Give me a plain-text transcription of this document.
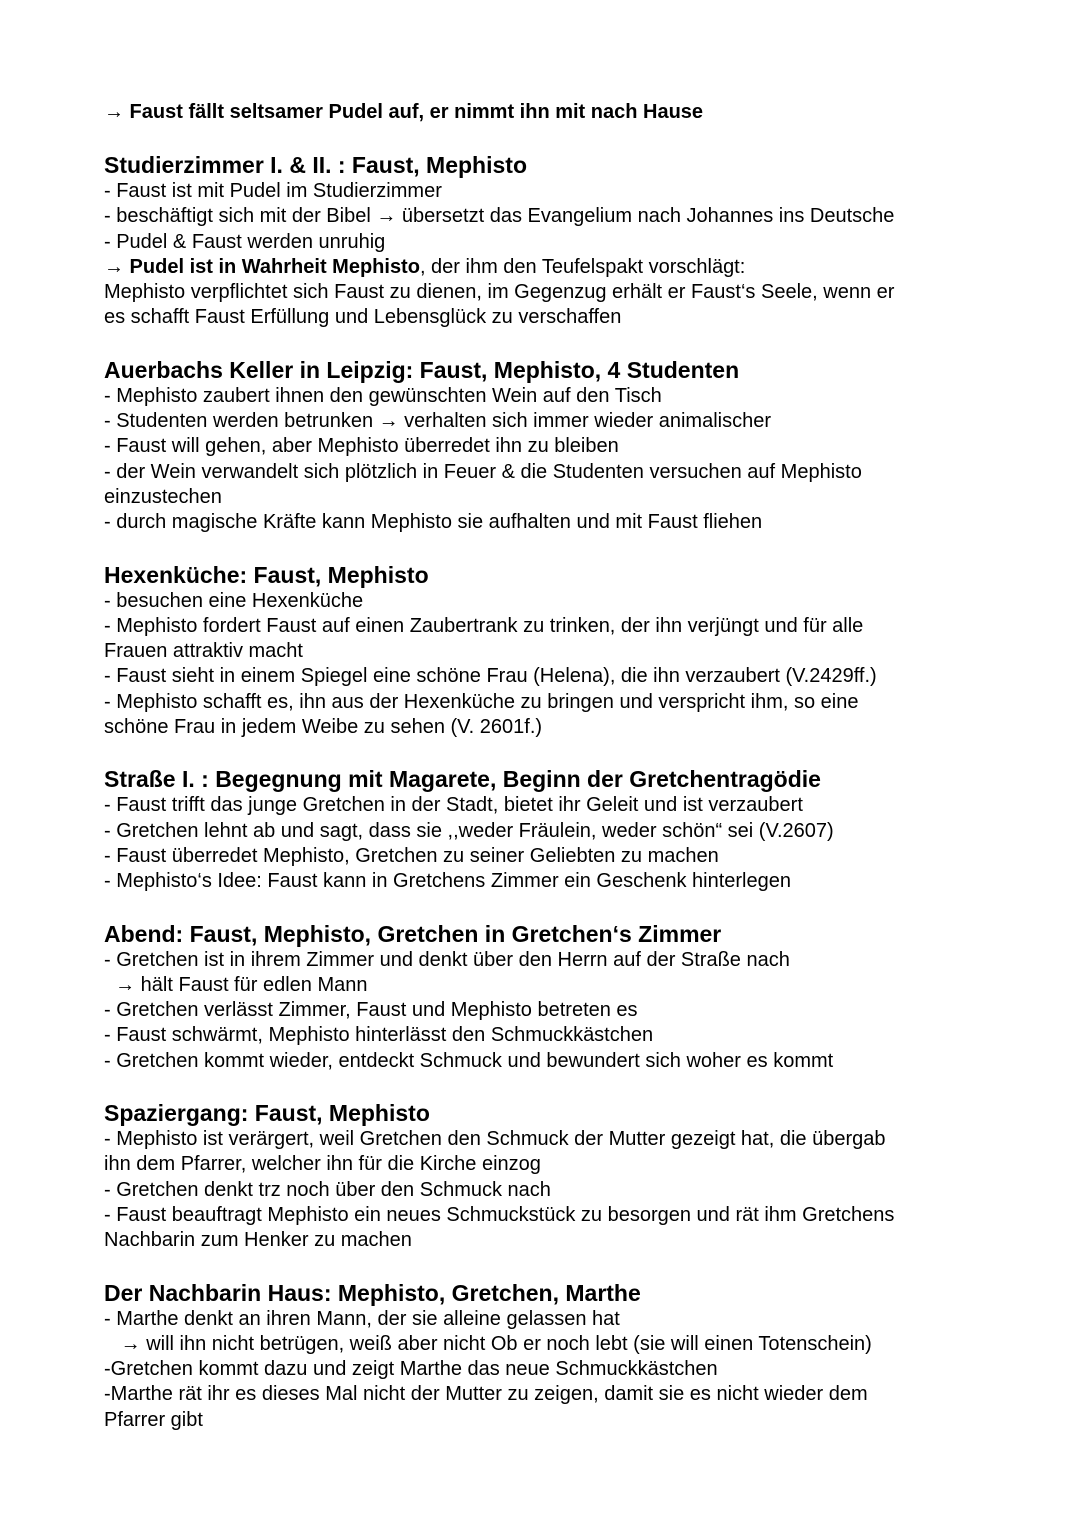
→ Faust fällt seltsamer Pudel auf, er nimmt ihn mit nach Hause

Studierzimmer I. & II. : Faust, Mephisto

- Faust ist mit Pudel im Studierzimmer

- beschäftigt sich mit der Bibel → übersetzt das Evangelium nach Johannes ins Deutsche

- Pudel & Faust werden unruhig

→ Pudel ist in Wahrheit Mephisto, der ihm den Teufelspakt vorschlägt:

Mephisto verpflichtet sich Faust zu dienen, im Gegenzug erhält er Faust‘s Seele, wenn er

es schafft Faust Erfüllung und Lebensglück zu verschaffen

Auerbachs Keller in Leipzig: Faust, Mephisto, 4 Studenten

- Mephisto zaubert ihnen den gewünschten Wein auf den Tisch

- Studenten werden betrunken → verhalten sich immer wieder animalischer

- Faust will gehen, aber Mephisto überredet ihn zu bleiben

- der Wein verwandelt sich plötzlich in Feuer & die Studenten versuchen auf Mephisto

einzustechen

- durch magische Kräfte kann Mephisto sie aufhalten und mit Faust fliehen

Hexenküche: Faust, Mephisto

- besuchen eine Hexenküche

- Mephisto fordert Faust auf einen Zaubertrank zu trinken, der ihn verjüngt und für alle

Frauen attraktiv macht

- Faust sieht in einem Spiegel eine schöne Frau (Helena), die ihn verzaubert (V.2429ff.)

- Mephisto schafft es, ihn aus der Hexenküche zu bringen und verspricht ihm, so eine

schöne Frau in jedem Weibe zu sehen (V. 2601f.)

Straße I. : Begegnung mit Magarete, Beginn der Gretchentragödie

- Faust trifft das junge Gretchen in der Stadt, bietet ihr Geleit und ist verzaubert

- Gretchen lehnt ab und sagt, dass sie ,,weder Fräulein, weder schön“ sei (V.2607)

- Faust überredet Mephisto, Gretchen zu seiner Geliebten zu machen

- Mephisto‘s Idee: Faust kann in Gretchens Zimmer ein Geschenk hinterlegen

Abend: Faust, Mephisto, Gretchen in Gretchen‘s Zimmer

- Gretchen ist in ihrem Zimmer und denkt über den Herrn auf der Straße nach

→ hält Faust für edlen Mann

- Gretchen verlässt Zimmer, Faust und Mephisto betreten es

- Faust schwärmt, Mephisto hinterlässt den Schmuckkästchen

- Gretchen kommt wieder, entdeckt Schmuck und bewundert sich woher es kommt

Spaziergang: Faust, Mephisto

- Mephisto ist verärgert, weil Gretchen den Schmuck der Mutter gezeigt hat, die übergab

ihn dem Pfarrer, welcher ihn für die Kirche einzog

- Gretchen denkt trz noch über den Schmuck nach

- Faust beauftragt Mephisto ein neues Schmuckstück zu besorgen und rät ihm Gretchens

Nachbarin zum Henker zu machen

Der Nachbarin Haus: Mephisto, Gretchen, Marthe

- Marthe denkt an ihren Mann, der sie alleine gelassen hat

→ will ihn nicht betrügen, weiß aber nicht Ob er noch lebt (sie will einen Totenschein)

-Gretchen kommt dazu und zeigt Marthe das neue Schmuckkästchen

-Marthe rät ihr es dieses Mal nicht der Mutter zu zeigen, damit sie es nicht wieder dem

Pfarrer gibt
